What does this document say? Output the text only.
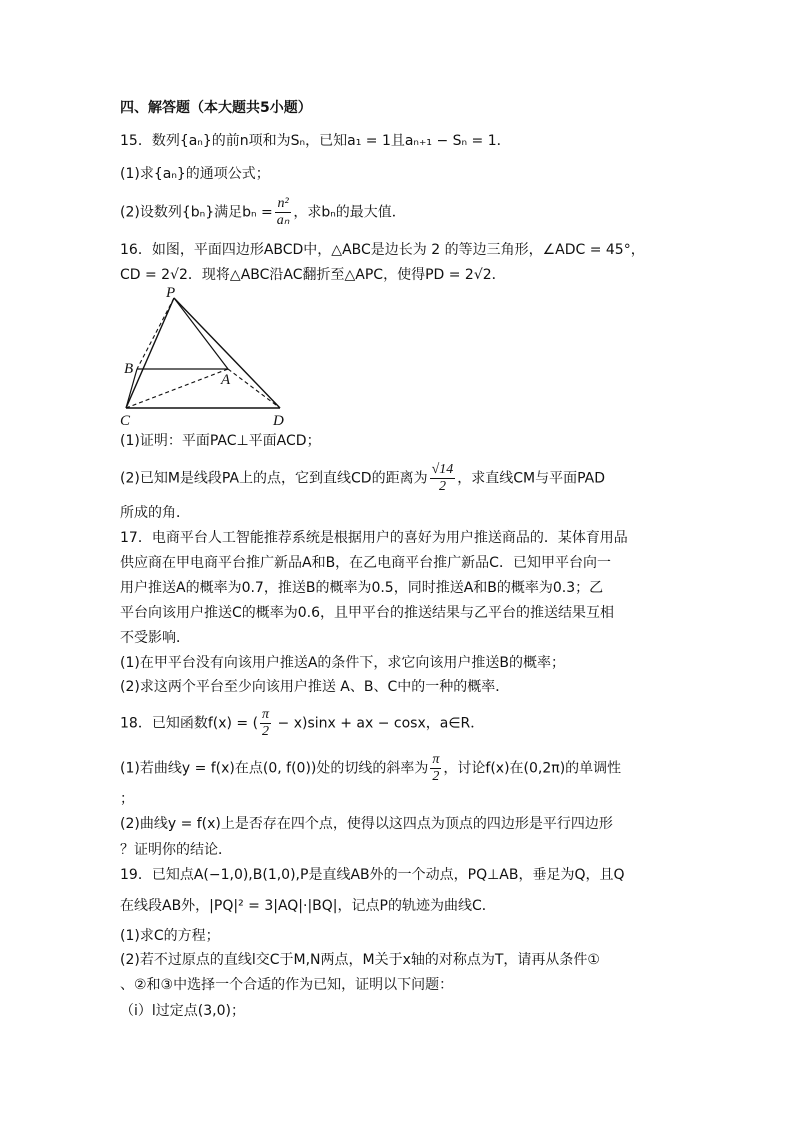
四、解答题（本大题共5小题）
15．数列{aₙ}的前n项和为Sₙ，已知a₁ = 1且aₙ₊₁ − Sₙ = 1．
(1)求{aₙ}的通项公式；
(2)设数列{bₙ}满足$b_n = \frac{\text{n²}}{\text{aₙ}}$ ，求bₙ的最大值．
16．如图，平面四边形ABCD中，△ABC是边长为 2 的等边三角形，∠ADC = 45°，
CD = 2√2．现将△ABC沿AC翻折至△APC，使得PD = 2√2．
P
B
A
C	D
(1)证明：平面PAC⊥平面ACD；
(2)已知M是线段PA上的点，它到直线CD的距离为 $\frac{√14}{2}$ ，求直线CM与平面PAD
所成的角．
17．电商平台人工智能推荐系统是根据用户的喜好为用户推送商品的．某体育用品
供应商在甲电商平台推广新品A和B，在乙电商平台推广新品C．已知甲平台向一
用户推送A的概率为0.7，推送B的概率为0.5，同时推送A和B的概率为0.3；乙
平台向该用户推送C的概率为0.6，且甲平台的推送结果与乙平台的推送结果互相
不受影响．
(1)在甲平台没有向该用户推送A的条件下，求它向该用户推送B的概率；
(2)求这两个平台至少向该用户推送 A、B、C中的一种的概率．
18．已知函数f(x) = ( $\frac{\pi}{2} - x)\sin x$ + ax − cosx，a∈R．
(1)若曲线y = f(x)在点(0, f(0))处的切线的斜率为 $\frac{\pi}{2}$ ，讨论f(x)在(0,2π)的单调性
；
(2)曲线y = f(x)上是否存在四个点，使得以这四点为顶点的四边形是平行四边形
？证明你的结论．
19．已知点A(−1,0),B(1,0),P是直线AB外的一个动点，PQ⊥AB，垂足为Q，且Q
在线段AB外，|PQ|² = 3|AQ|·|BQ|，记点P的轨迹为曲线C．
(1)求C的方程；
(2)若不过原点的直线l交C于M,N两点，M关于x轴的对称点为T，请再从条件①
、②和③中选择一个合适的作为已知，证明以下问题：
（i）l过定点(3,0)；
